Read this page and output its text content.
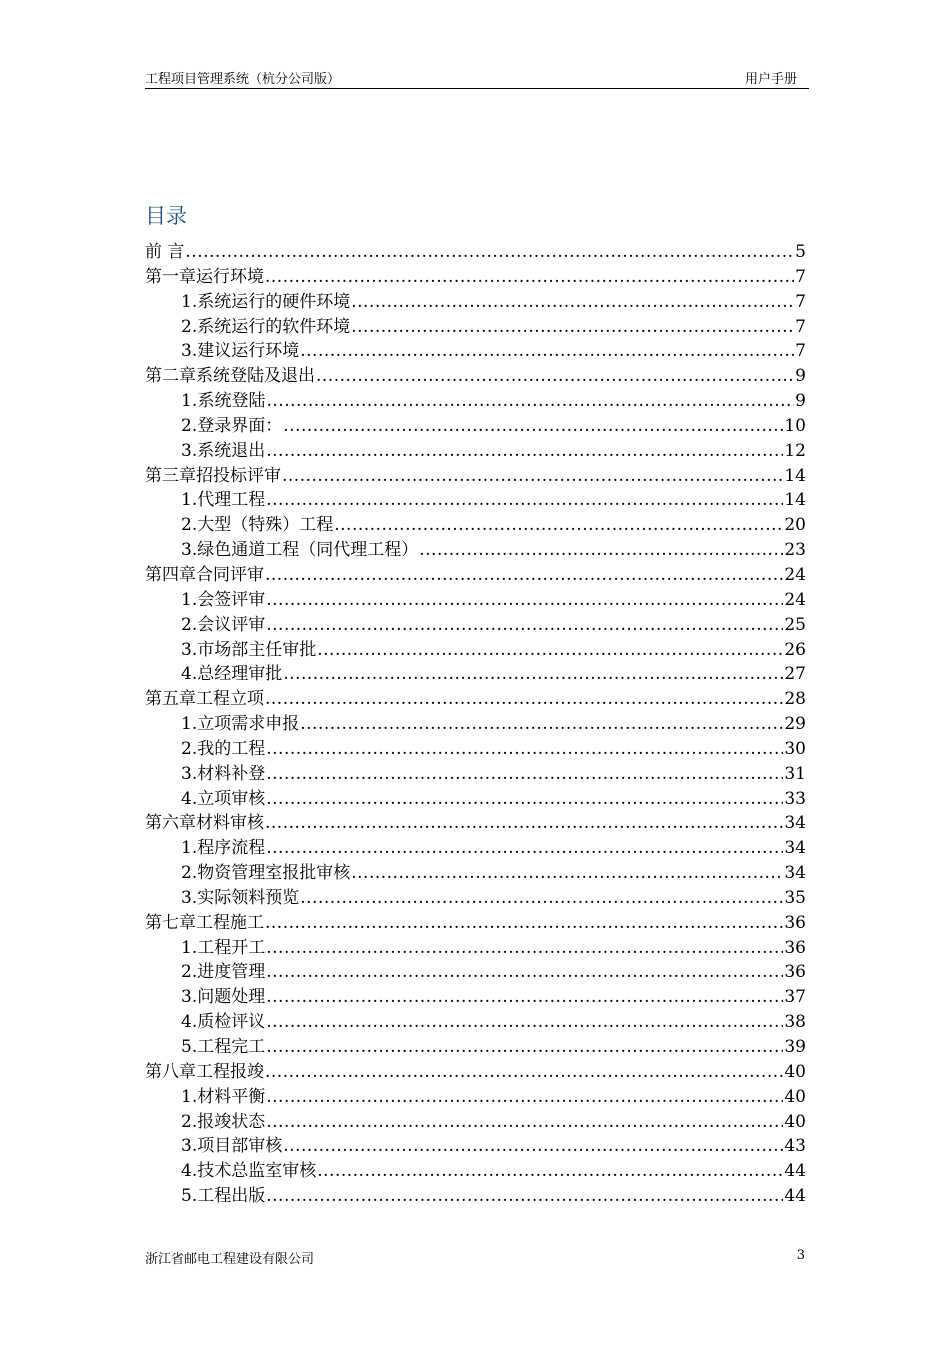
工程项目管理系统（杭分公司版）	用户手册
目录
前 言 .....	5
第一章 运行环境 .....	7
1. 系统运行的硬件环境 .....	7
2. 系统运行的软件环境 .....	7
3. 建议运行环境 .....	7
第二章 系统登陆及退出 .....	9
1. 系统登陆 .....	9
2. 登录界面： .....	10
3. 系统退出 .....	12
第三章 招投标评审 .....	14
1. 代理工程 .....	14
2. 大型（特殊）工程 .....	20
3. 绿色通道工程（同代理工程） .....	23
第四章 合同评审 .....	24
1. 会签评审 .....	24
2. 会议评审 .....	25
3. 市场部主任审批 .....	26
4. 总经理审批 .....	27
第五章 工程立项 .....	28
1. 立项需求申报 .....	29
2. 我的工程 .....	30
3. 材料补登 .....	31
4. 立项审核 .....	33
第六章 材料审核 .....	34
1. 程序流程 .....	34
2. 物资管理室报批审核 .....	34
3. 实际领料预览 .....	35
第七章 工程施工 .....	36
1. 工程开工 .....	36
2. 进度管理 .....	36
3. 问题处理 .....	37
4. 质检评议 .....	38
5. 工程完工 .....	39
第八章 工程报竣 .....	40
1. 材料平衡 .....	40
2. 报竣状态 .....	40
3. 项目部审核 .....	43
4. 技术总监室审核 .....	44
5. 工程出版 .....	44
浙江省邮电工程建设有限公司	3
